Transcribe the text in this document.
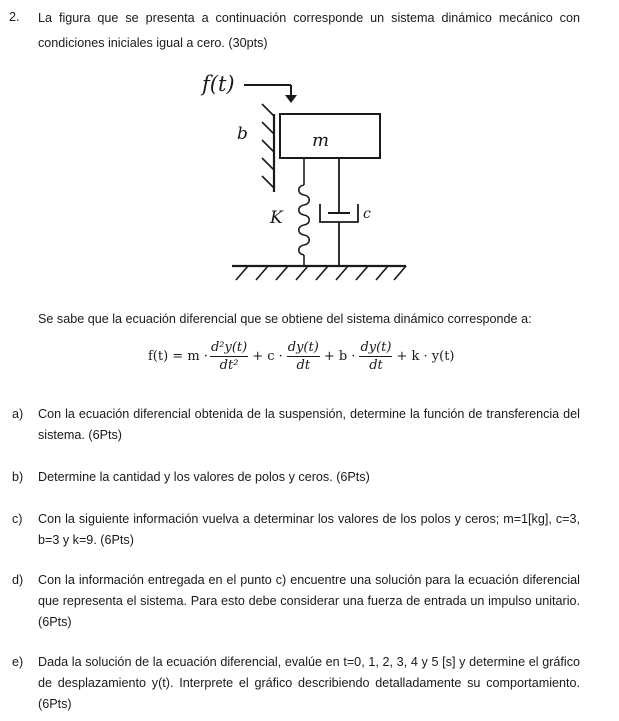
2. La figura que se presenta a continuación corresponde un sistema dinámico mecánico con condiciones iniciales igual a cero. (30pts)
f(t)
b	m
K	c
Se sabe que la ecuación diferencial que se obtiene del sistema dinámico corresponde a:
$f(t) = m \cdot \frac{\text{d²y(t)}}{\text{dt²}} + c \cdot \frac{dy(t)}{dt} + b \cdot \frac{dy(t)}{dt} + k \cdot y(t)$
a)	Con la ecuación diferencial obtenida de la suspensión, determine la función de transferencia del sistema. (6Pts)
b)	Determine la cantidad y los valores de polos y ceros. (6Pts)
c)	Con la siguiente información vuelva a determinar los valores de los polos y ceros; m=1[kg], c=3, b=3 y k=9. (6Pts)
d)	Con la información entregada en el punto c) encuentre una solución para la ecuación diferencial que representa el sistema. Para esto debe considerar una fuerza de entrada un impulso unitario. (6Pts)
e)	Dada la solución de la ecuación diferencial, evalúe en t=0, 1, 2, 3, 4 y 5 [s] y determine el gráfico de desplazamiento y(t). Interprete el gráfico describiendo detalladamente su comportamiento. (6Pts)
